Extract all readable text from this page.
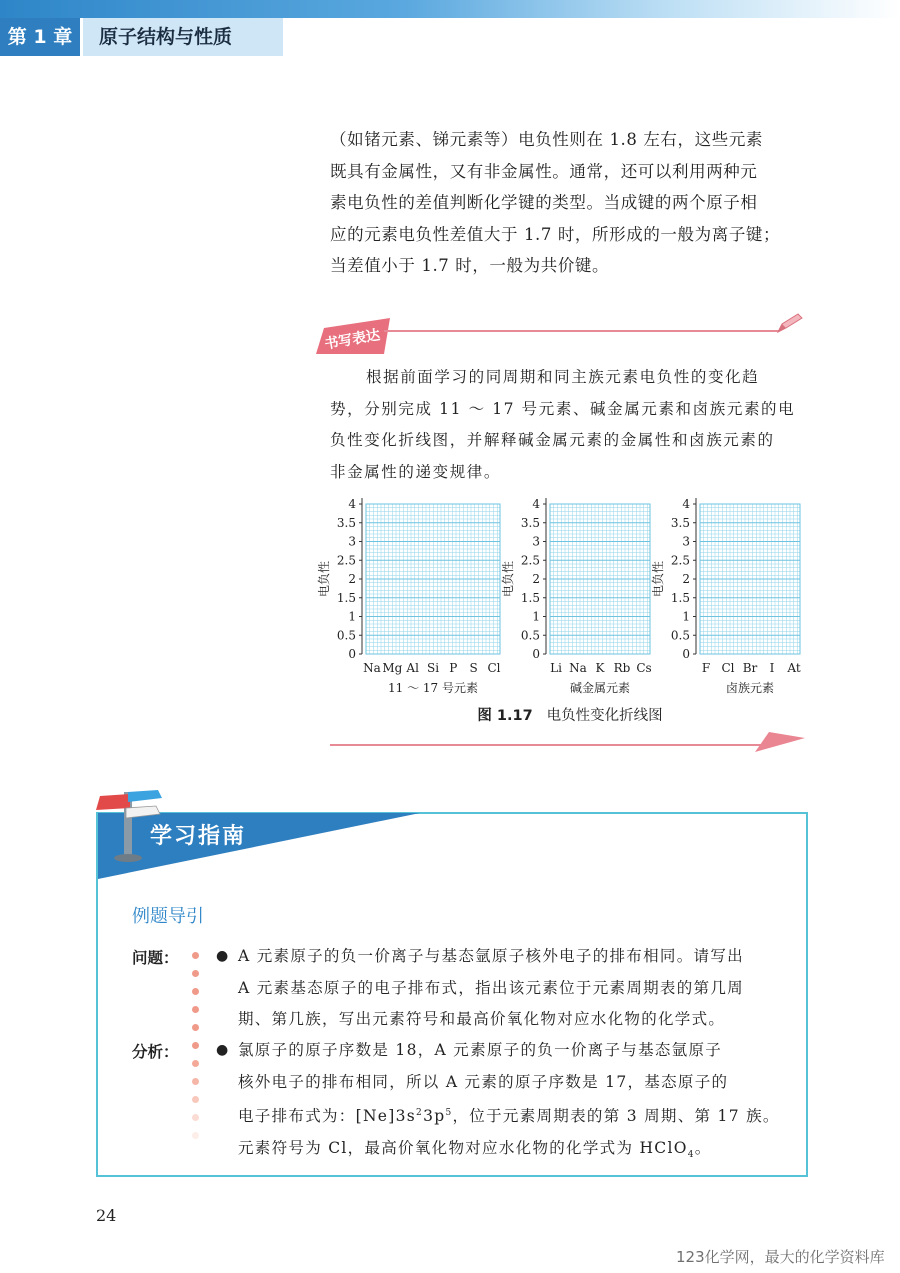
第 1 章	原子结构与性质
（如锗元素、锑元素等）电负性则在 1.8 左右，这些元素
既具有金属性，又有非金属性。通常，还可以利用两种元
素电负性的差值判断化学键的类型。当成键的两个原子相
应的元素电负性差值大于 1.7 时，所形成的一般为离子键；
当差值小于 1.7 时，一般为共价键。
书写表达
根据前面学习的同周期和同主族元素电负性的变化趋
势，分别完成 11 ～ 17 号元素、碱金属元素和卤族元素的电
负性变化折线图，并解释碱金属元素的金属性和卤族元素的
非金属性的递变规律。
0
0.5
1
1.5
2
2.5
3
3.5
4
电负性
Na Mg Al Si P S Cl
11 ～ 17 号元素
0
0.5
1
1.5
2
2.5
3
3.5
4
电负性
Li Na K Rb Cs
碱金属元素
0
0.5
1
1.5
2
2.5
3
3.5
4
电负性
F Cl Br I At
卤族元素
图 1.17 电负性变化折线图
学习指南
例题导引
问题：
分析：
●
●
A 元素原子的负一价离子与基态氩原子核外电子的排布相同。请写出
A 元素基态原子的电子排布式，指出该元素位于元素周期表的第几周
期、第几族，写出元素符号和最高价氧化物对应水化物的化学式。
氯原子的原子序数是 18，A 元素原子的负一价离子与基态氩原子
核外电子的排布相同，所以 A 元素的原子序数是 17，基态原子的
电子排布式为：$[Ne]3s^23p^5$，位于元素周期表的第 3 周期、第 17 族。
元素符号为 Cl，最高价氧化物对应水化物的化学式为 HClO$_4$。
24
123化学网，最大的化学资料库
